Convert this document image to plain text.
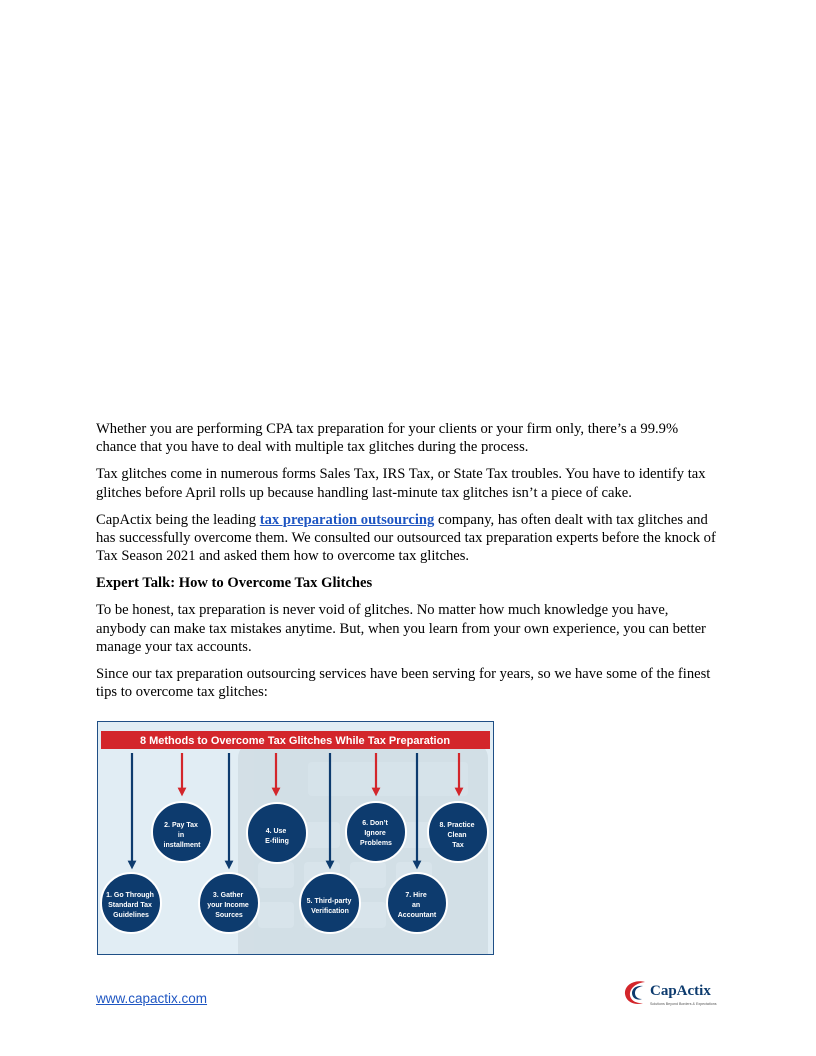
Whether you are performing CPA tax preparation for your clients or your firm only, there’s a 99.9% chance that you have to deal with multiple tax glitches during the process.

Tax glitches come in numerous forms Sales Tax, IRS Tax, or State Tax troubles. You have to identify tax glitches before April rolls up because handling last-minute tax glitches isn’t a piece of cake.

CapActix being the leading tax preparation outsourcing company, has often dealt with tax glitches and has successfully overcome them. We consulted our outsourced tax preparation experts before the knock of Tax Season 2021 and asked them how to overcome tax glitches.

Expert Talk: How to Overcome Tax Glitches

To be honest, tax preparation is never void of glitches. No matter how much knowledge you have, anybody can make tax mistakes anytime. But, when you learn from your own experience, you can better manage your tax accounts.

Since our tax preparation outsourcing services have been serving for years, so we have some of the finest tips to overcome tax glitches:

8 Methods to Overcome Tax Glitches While Tax Preparation
1. Go Through Standard Tax Guidelines
2. Pay Tax in installment
3. Gather your Income Sources
4. Use E-filing
5. Third-party Verification
6. Don’t Ignore Problems
7. Hire an Accountant
8. Practice Clean Tax
www.capactix.com	CapActix
Solutions Beyond Borders & Expectations
